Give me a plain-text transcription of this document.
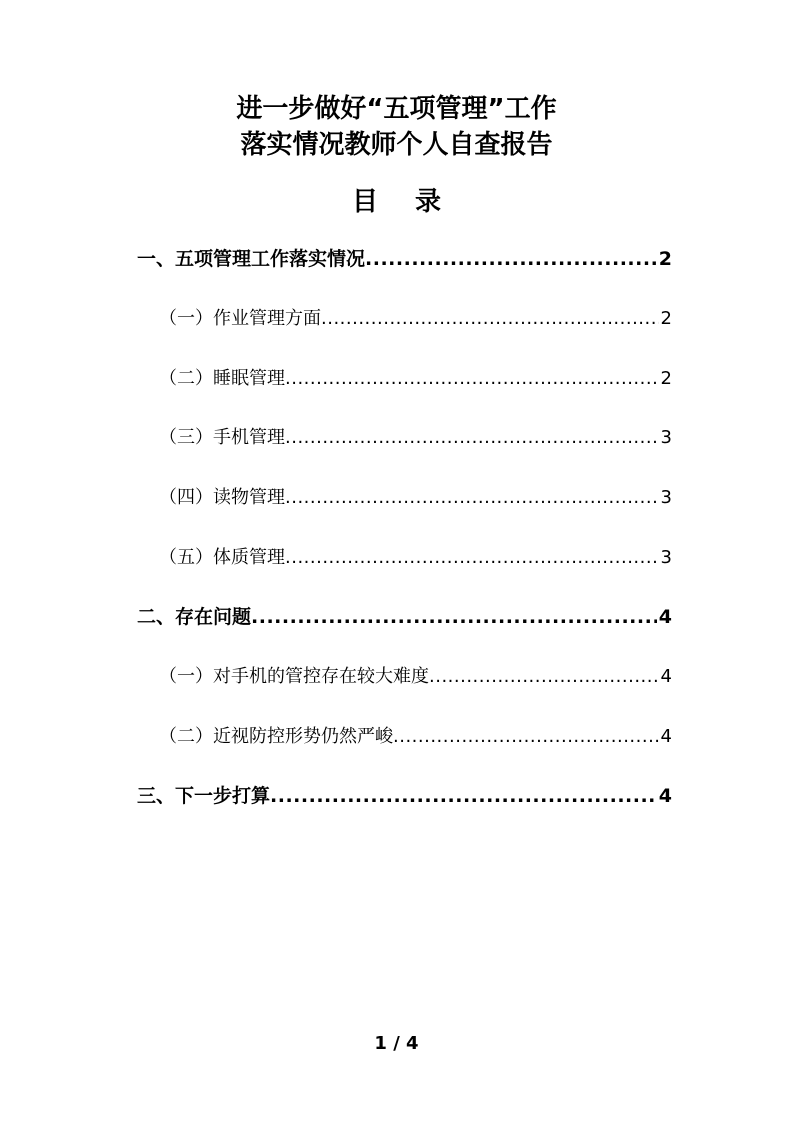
进一步做好“五项管理”工作
落实情况教师个人自查报告
目 录
一、五项管理工作落实情况 .....	2
（一）作业管理方面 .....	2
（二）睡眠管理 .....	2
（三）手机管理 .....	3
（四）读物管理 .....	3
（五）体质管理 .....	3
二、存在问题 .....	4
（一）对手机的管控存在较大难度 .....	4
（二）近视防控形势仍然严峻 .....	4
三、下一步打算 .....	4
1 / 4
